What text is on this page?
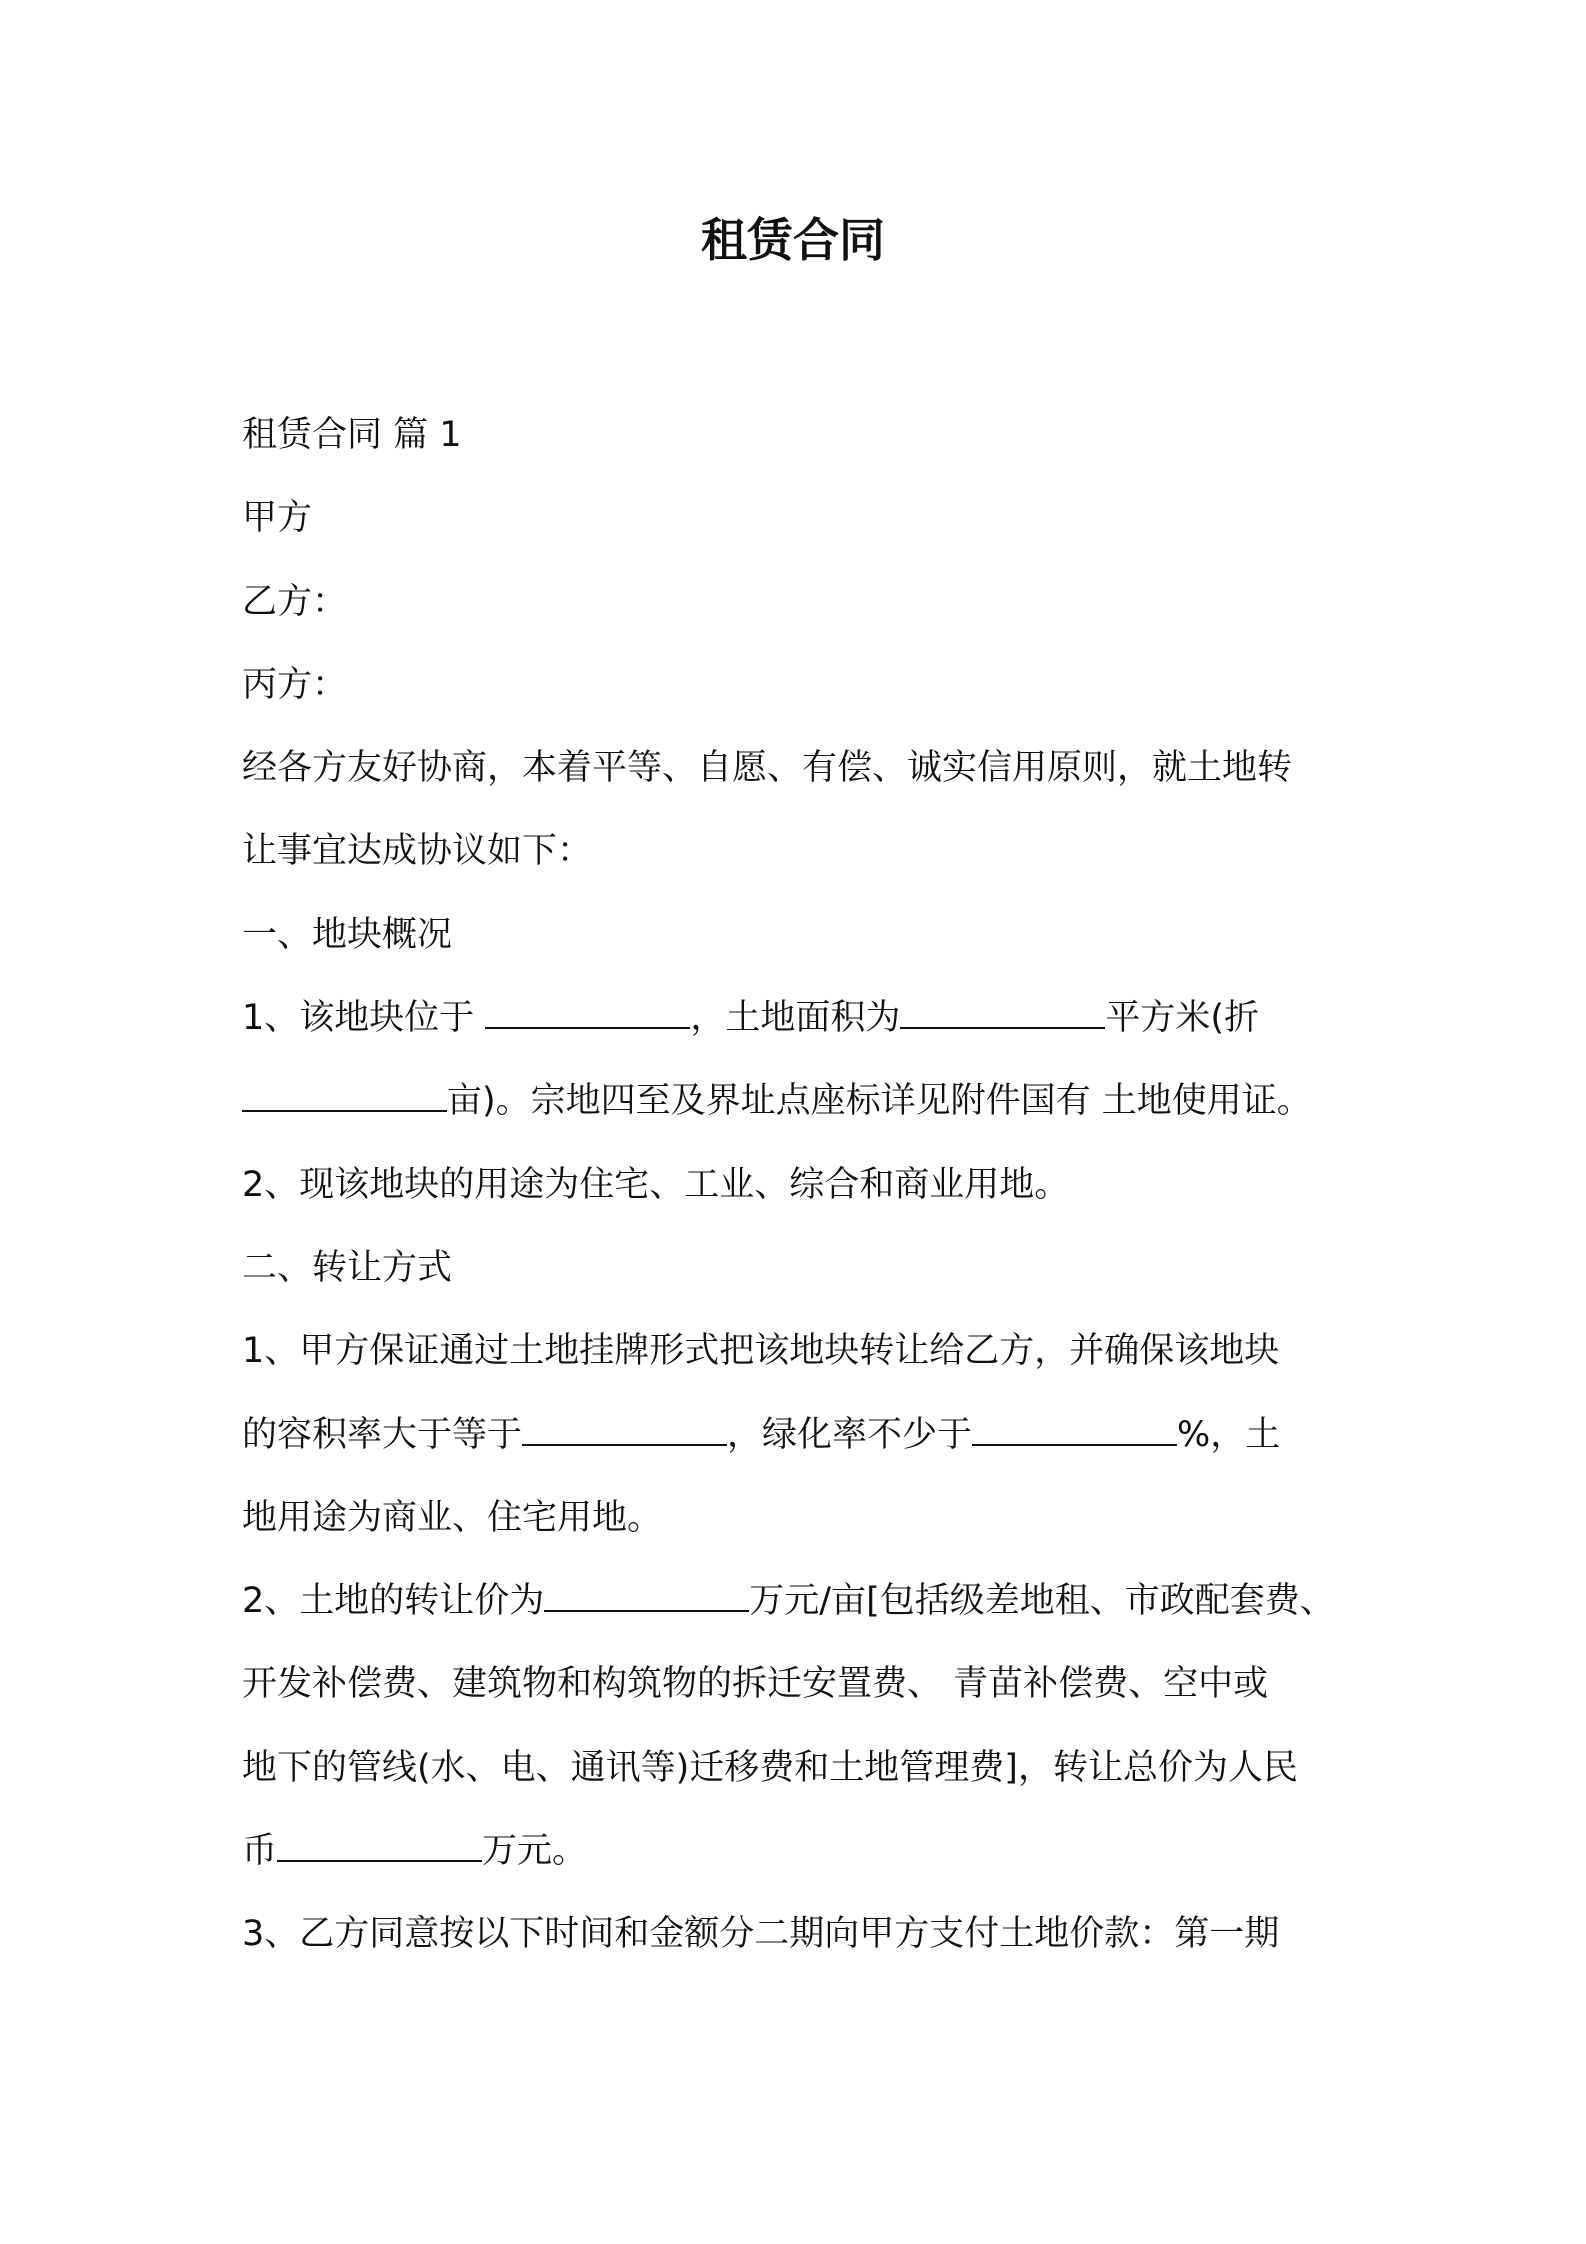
租赁合同
租赁合同 篇 1
甲方
乙方：
丙方：
经各方友好协商，本着平等、自愿、有偿、诚实信用原则，就土地转
让事宜达成协议如下：
一、地块概况
1、该地块位于	，土地面积为	平方米(折
亩)。宗地四至及界址点座标详见附件国有 土地使用证。
2、现该地块的用途为住宅、工业、综合和商业用地。
二、转让方式
1、甲方保证通过土地挂牌形式把该地块转让给乙方，并确保该地块
的容积率大于等于	，绿化率不少于	%，土
地用途为商业、住宅用地。
2、土地的转让价为	万元/亩[包括级差地租、市政配套费、
开发补偿费、建筑物和构筑物的拆迁安置费、 青苗补偿费、空中或
地下的管线(水、电、通讯等)迁移费和土地管理费]，转让总价为人民
币	万元。
3、乙方同意按以下时间和金额分二期向甲方支付土地价款：第一期
